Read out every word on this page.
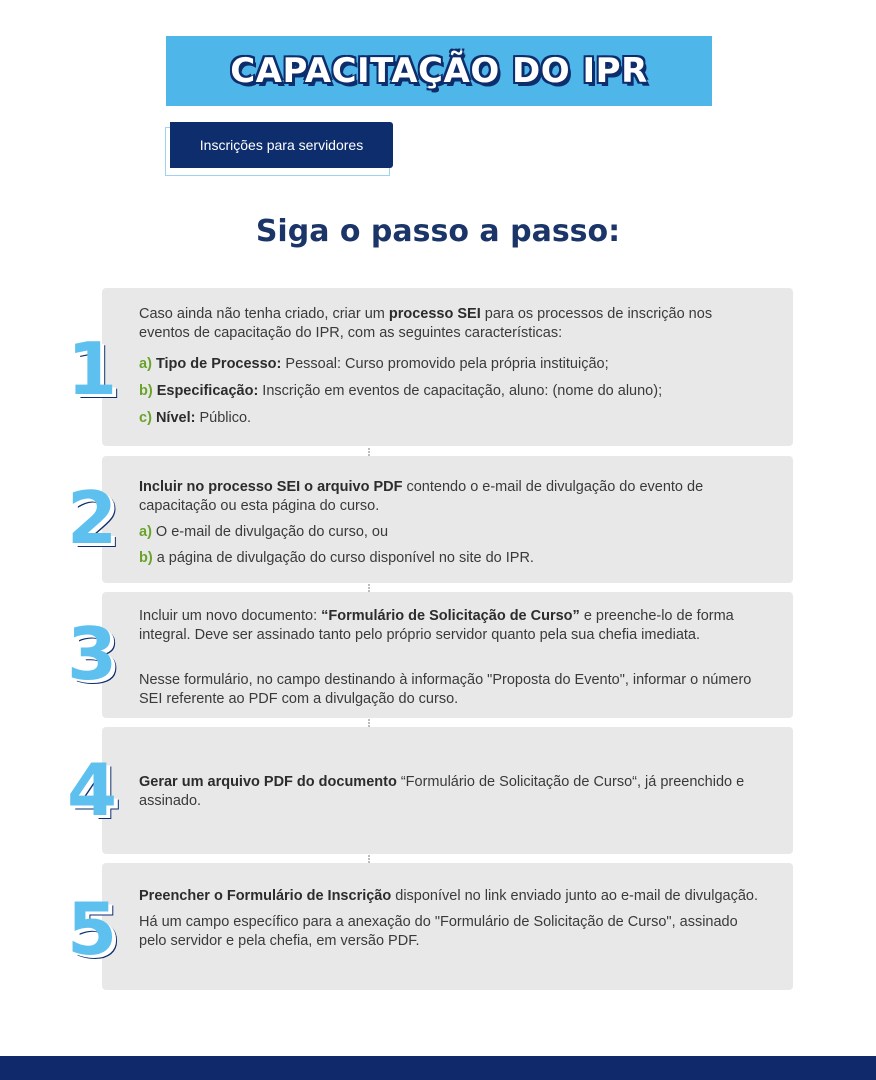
CAPACITAÇÃO DO IPR
Inscrições para servidores
Siga o passo a passo:

Caso ainda não tenha criado, criar um processo SEI para os processos de inscrição nos eventos de capacitação do IPR, com as seguintes características:

a) Tipo de Processo: Pessoal: Curso promovido pela própria instituição;

b) Especificação: Inscrição em eventos de capacitação, aluno: (nome do aluno);

c) Nível: Público.

1

Incluir no processo SEI o arquivo PDF contendo o e-mail de divulgação do evento de capacitação ou esta página do curso.

a) O e-mail de divulgação do curso, ou

b) a página de divulgação do curso disponível no site do IPR.

2

Incluir um novo documento: “Formulário de Solicitação de Curso” e preenche-lo de forma integral. Deve ser assinado tanto pelo próprio servidor quanto pela sua chefia imediata.

Nesse formulário, no campo destinando à informação "Proposta do Evento", informar o número SEI referente ao PDF com a divulgação do curso.

3

Gerar um arquivo PDF do documento “Formulário de Solicitação de Curso“, já preenchido e assinado.

4

Preencher o Formulário de Inscrição disponível no link enviado junto ao e-mail de divulgação.

Há um campo específico para a anexação do "Formulário de Solicitação de Curso", assinado pelo servidor e pela chefia, em versão PDF.

5
